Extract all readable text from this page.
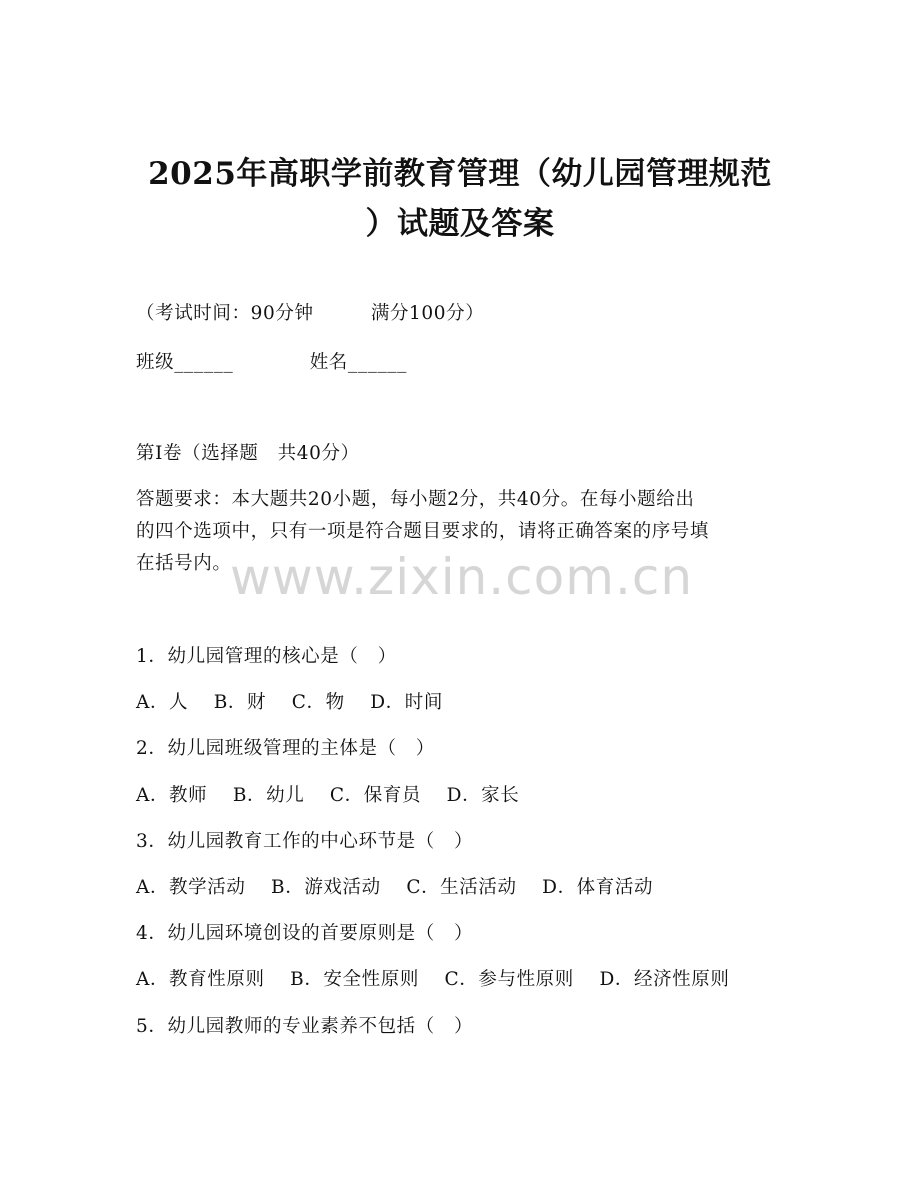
2025年高职学前教育管理（幼儿园管理规范
）试题及答案
（考试时间：90分钟　　　满分100分）
班级______　　　　姓名______
第I卷（选择题　共40分）
答题要求：本大题共20小题，每小题2分，共40分。在每小题给出
的四个选项中，只有一项是符合题目要求的，请将正确答案的序号填
在括号内。
www.zixin.com.cn
1．幼儿园管理的核心是（　）
A．人　 B．财　 C．物　 D．时间
2．幼儿园班级管理的主体是（　）
A．教师　 B．幼儿　 C．保育员　 D．家长
3．幼儿园教育工作的中心环节是（　）
A．教学活动　 B．游戏活动　 C．生活活动　 D．体育活动
4．幼儿园环境创设的首要原则是（　）
A．教育性原则　 B．安全性原则　 C．参与性原则　 D．经济性原则
5．幼儿园教师的专业素养不包括（　）
